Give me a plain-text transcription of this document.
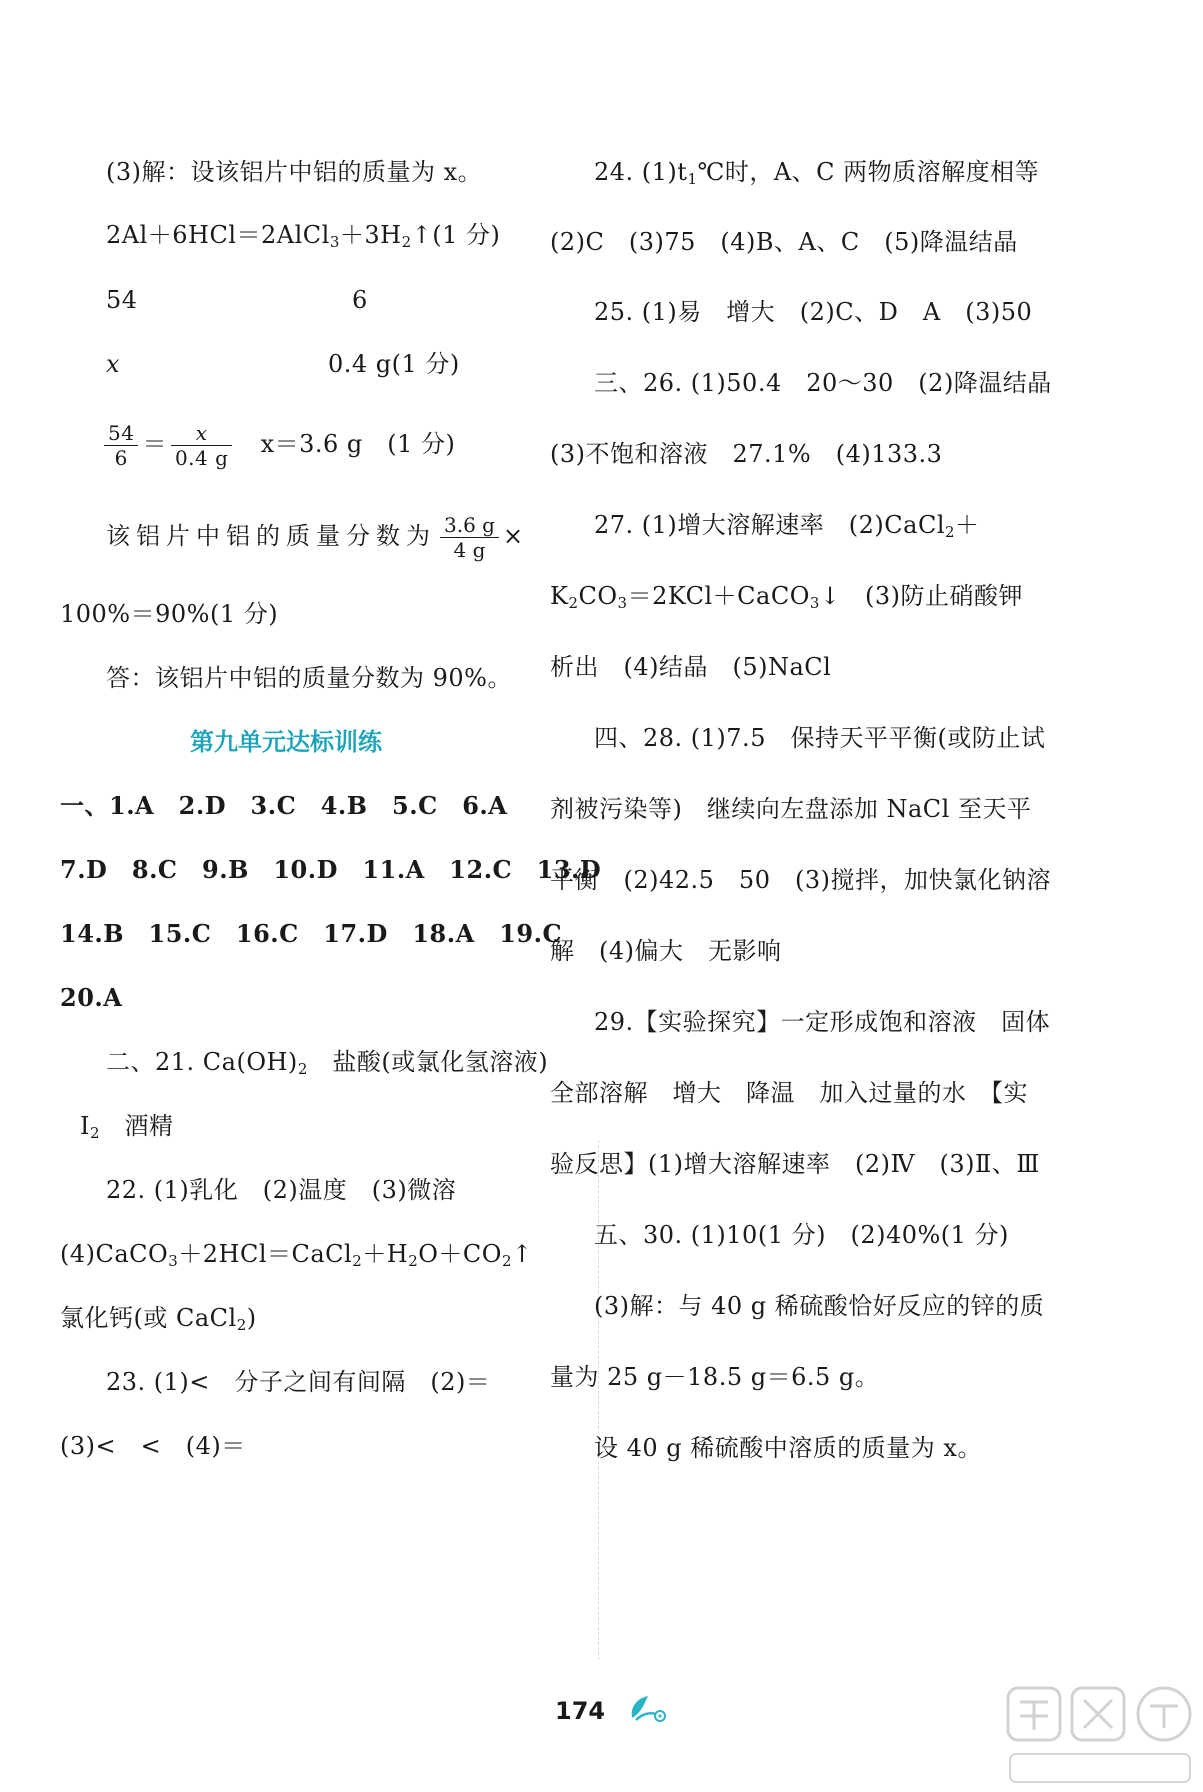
(3)解：设该铝片中铝的质量为 x。
$2Al+6HCl=2AlCl_3+3H_2↑(1$ 分)
54	6
x	0.4 g(1 分)
$\frac{54}{6} = \frac{x}{0.4 g} x=3.6$ g　(1 分)
该铝片中铝的质量分数为 $\frac{3.6 g}{4 g}$ ×
100%＝90%(1 分)
答：该铝片中铝的质量分数为 90%。
第九单元达标训练
一、1.A　2.D　3.C　4.B　5.C　6.A
7.D　8.C　9.B　10.D　11.A　12.C　13.D
14.B　15.C　16.C　17.D　18.A　19.C
20.A
二、21. $Ca(OH)_2$　盐酸(或氯化氢溶液)
$I_2$　酒精
22. (1)乳化　(2)温度　(3)微溶
$(4)CaCO_3+2HCl=CaCl_2+H_2O+CO_2↑$
氯化钙(或 CaCl$_2$)
23. (1)<　分子之间有间隔　(2)＝
(3)<　<　(4)＝
24. $(1)t_1℃$时，A、C 两物质溶解度相等
(2)C　(3)75　(4)B、A、C　(5)降温结晶
25. (1)易　增大　(2)C、D　A　(3)50
三、26. (1)50.4　20～30　(2)降温结晶
(3)不饱和溶液　27.1%　(4)133.3
27. (1)增大溶解速率　(2)CaCl$_2$＋
$K_2CO_3=2KCl+CaCO_3↓$　(3)防止硝酸钾
析出　(4)结晶　(5)NaCl
四、28. (1)7.5　保持天平平衡(或防止试
剂被污染等)　继续向左盘添加 NaCl 至天平
平衡　(2)42.5　50　(3)搅拌，加快氯化钠溶
解　(4)偏大　无影响
29.【实验探究】一定形成饱和溶液　固体
全部溶解　增大　降温　加入过量的水　【实
验反思】(1)增大溶解速率　(2)Ⅳ　(3)Ⅱ、Ⅲ
五、30. (1)10(1 分)　(2)40%(1 分)
(3)解：与 40 g 稀硫酸恰好反应的锌的质
量为 25 g－18.5 g＝6.5 g。
设 40 g 稀硫酸中溶质的质量为 x。
174
